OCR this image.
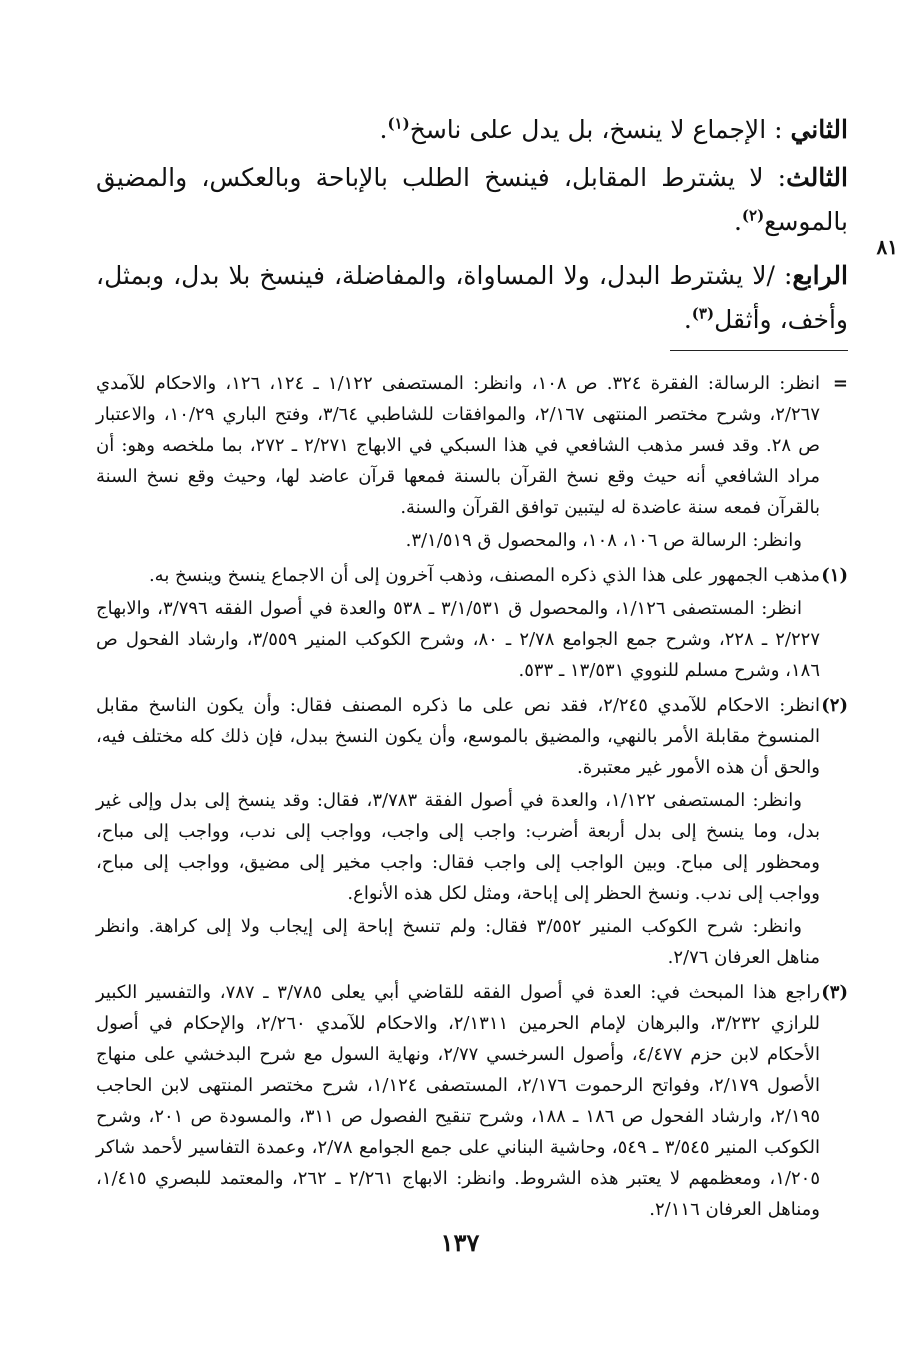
الثاني : الإجماع لا ينسخ، بل يدل على ناسخ$^{(١)}$.

الثالث: لا يشترط المقابل، فينسخ الطلب بالإباحة وبالعكس، والمضيق بالموسع$^{(٢)}$.

الرابع: /لا يشترط البدل، ولا المساواة، والمفاضلة، فينسخ بلا بدل، وبمثل، وأخف، وأثقل$^{(٣)}$.

٨١
=
انظر: الرسالة: الفقرة ٣٢٤. ص ١٠٨، وانظر: المستصفى ١/١٢٢ ـ ١٢٤، ١٢٦، والاحكام للآمدي ٢/٢٦٧، وشرح مختصر المنتهى ٢/١٦٧، والموافقات للشاطبي ٣/٦٤، وفتح الباري ١٠/٢٩، والاعتبار ص ٢٨. وقد فسر مذهب الشافعي في هذا السبكي في الابهاج ٢/٢٧١ ـ ٢٧٢، بما ملخصه وهو: أن مراد الشافعي أنه حيث وقع نسخ القرآن بالسنة فمعها قرآن عاضد لها، وحيث وقع نسخ السنة بالقرآن فمعه سنة عاضدة له ليتبين توافق القرآن والسنة.
وانظر: الرسالة ص ١٠٦، ١٠٨، والمحصول ق ٣/١/٥١٩.
(١)
مذهب الجمهور على هذا الذي ذكره المصنف، وذهب آخرون إلى أن الاجماع ينسخ وينسخ به.
انظر: المستصفى ١/١٢٦، والمحصول ق ٣/١/٥٣١ ـ ٥٣٨ والعدة في أصول الفقه ٣/٧٩٦، والابهاج ٢/٢٢٧ ـ ٢٢٨، وشرح جمع الجوامع ٢/٧٨ ـ ٨٠، وشرح الكوكب المنير ٣/٥٥٩، وارشاد الفحول ص ١٨٦، وشرح مسلم للنووي ١٣/٥٣١ ـ ٥٣٣.
(٢)
انظر: الاحكام للآمدي ٢/٢٤٥، فقد نص على ما ذكره المصنف فقال: وأن يكون الناسخ مقابل المنسوخ مقابلة الأمر بالنهي، والمضيق بالموسع، وأن يكون النسخ ببدل، فإن ذلك كله مختلف فيه، والحق أن هذه الأمور غير معتبرة.
وانظر: المستصفى ١/١٢٢، والعدة في أصول الفقة ٣/٧٨٣، فقال: وقد ينسخ إلى بدل وإلى غير بدل، وما ينسخ إلى بدل أربعة أضرب: واجب إلى واجب، وواجب إلى ندب، وواجب إلى مباح، ومحظور إلى مباح. وبين الواجب إلى واجب فقال: واجب مخير إلى مضيق، وواجب إلى مباح، وواجب إلى ندب. ونسخ الحظر إلى إباحة، ومثل لكل هذه الأنواع.
وانظر: شرح الكوكب المنير ٣/٥٥٢ فقال: ولم تنسخ إباحة إلى إيجاب ولا إلى كراهة. وانظر مناهل العرفان ٢/٧٦.
(٣)
راجع هذا المبحث في: العدة في أصول الفقه للقاضي أبي يعلى ٣/٧٨٥ ـ ٧٨٧، والتفسير الكبير للرازي ٣/٢٣٢، والبرهان لإمام الحرمين ٢/١٣١١، والاحكام للآمدي ٢/٢٦٠، والإحكام في أصول الأحكام لابن حزم ٤/٤٧٧، وأصول السرخسي ٢/٧٧، ونهاية السول مع شرح البدخشي على منهاج الأصول ٢/١٧٩، وفواتح الرحموت ٢/١٧٦، المستصفى ١/١٢٤، شرح مختصر المنتهى لابن الحاجب ٢/١٩٥، وارشاد الفحول ص ١٨٦ ـ ١٨٨، وشرح تنقيح الفصول ص ٣١١، والمسودة ص ٢٠١، وشرح الكوكب المنير ٣/٥٤٥ ـ ٥٤٩، وحاشية البناني على جمع الجوامع ٢/٧٨، وعمدة التفاسير لأحمد شاكر ١/٢٠٥، ومعظمهم لا يعتبر هذه الشروط. وانظر: الابهاج ٢/٢٦١ ـ ٢٦٢، والمعتمد للبصري ١/٤١٥، ومناهل العرفان ٢/١١٦.
١٣٧
